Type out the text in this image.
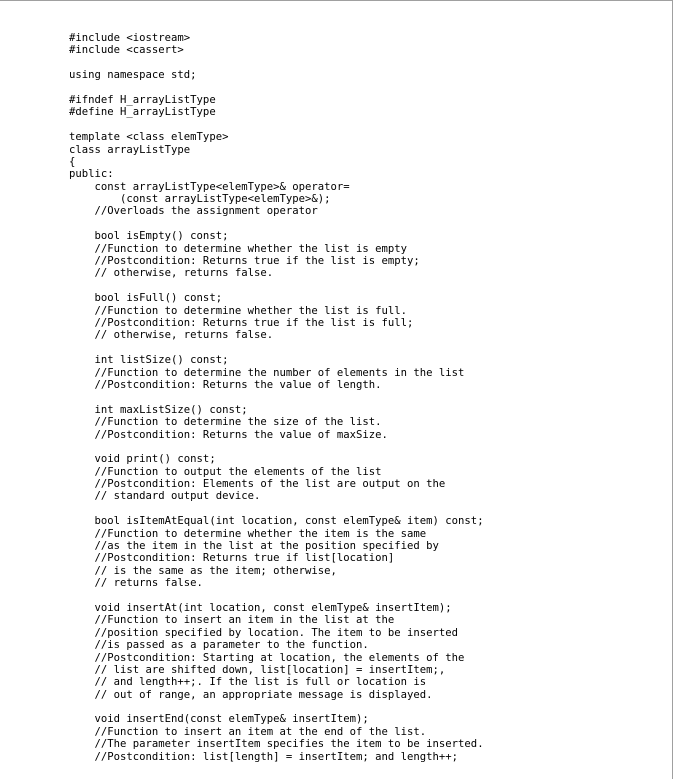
#include <iostream>
#include <cassert>
using namespace std;
#ifndef H_arrayListType
#define H_arrayListType
template <class elemType>
class arrayListType
{
public:
const arrayListType<elemType>& operator=
(const arrayListType<elemType>&);
//Overloads the assignment operator
bool isEmpty() const;
//Function to determine whether the list is empty
//Postcondition: Returns true if the list is empty;
// otherwise, returns false.
bool isFull() const;
//Function to determine whether the list is full.
//Postcondition: Returns true if the list is full;
// otherwise, returns false.
int listSize() const;
//Function to determine the number of elements in the list
//Postcondition: Returns the value of length.
int maxListSize() const;
//Function to determine the size of the list.
//Postcondition: Returns the value of maxSize.
void print() const;
//Function to output the elements of the list
//Postcondition: Elements of the list are output on the
// standard output device.
bool isItemAtEqual(int location, const elemType& item) const;
//Function to determine whether the item is the same
//as the item in the list at the position specified by
//Postcondition: Returns true if list[location]
// is the same as the item; otherwise,
// returns false.
void insertAt(int location, const elemType& insertItem);
//Function to insert an item in the list at the
//position specified by location. The item to be inserted
//is passed as a parameter to the function.
//Postcondition: Starting at location, the elements of the
// list are shifted down, list[location] = insertItem;,
// and length++;. If the list is full or location is
// out of range, an appropriate message is displayed.
void insertEnd(const elemType& insertItem);
//Function to insert an item at the end of the list.
//The parameter insertItem specifies the item to be inserted.
//Postcondition: list[length] = insertItem; and length++;
